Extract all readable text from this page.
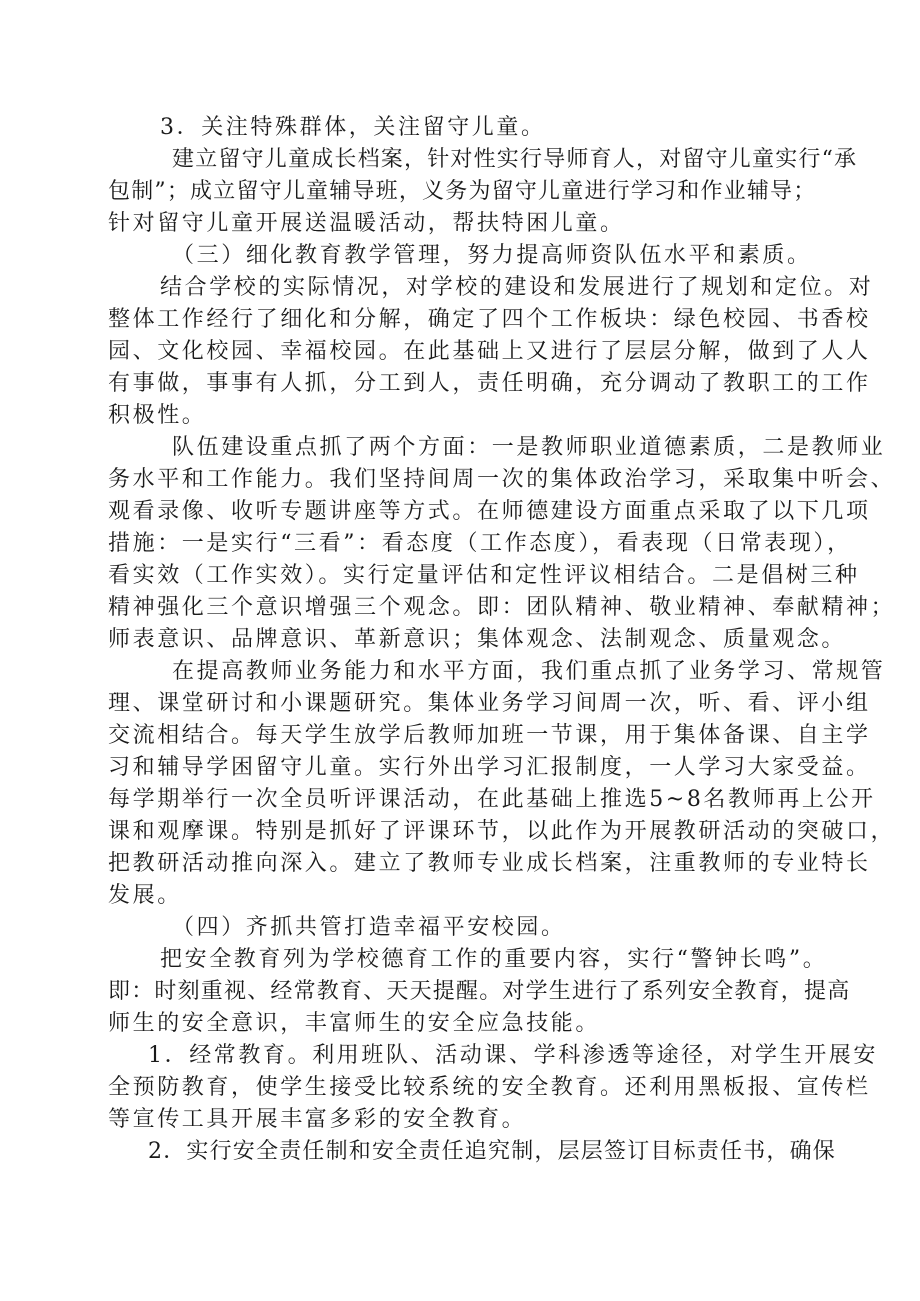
3．关注特殊群体，关注留守儿童。

建立留守儿童成长档案，针对性实行导师育人，对留守儿童实行“承

包制”；成立留守儿童辅导班，义务为留守儿童进行学习和作业辅导；

针对留守儿童开展送温暖活动，帮扶特困儿童。

（三）细化教育教学管理，努力提高师资队伍水平和素质。

结合学校的实际情况，对学校的建设和发展进行了规划和定位。对

整体工作经行了细化和分解，确定了四个工作板块：绿色校园、书香校

园、文化校园、幸福校园。在此基础上又进行了层层分解，做到了人人

有事做，事事有人抓，分工到人，责任明确，充分调动了教职工的工作

积极性。

队伍建设重点抓了两个方面：一是教师职业道德素质，二是教师业

务水平和工作能力。我们坚持间周一次的集体政治学习，采取集中听会、

观看录像、收听专题讲座等方式。在师德建设方面重点采取了以下几项

措施：一是实行“三看”：看态度（工作态度），看表现（日常表现），

看实效（工作实效）。实行定量评估和定性评议相结合。二是倡树三种

精神强化三个意识增强三个观念。即：团队精神、敬业精神、奉献精神；

师表意识、品牌意识、革新意识；集体观念、法制观念、质量观念。

在提高教师业务能力和水平方面，我们重点抓了业务学习、常规管

理、课堂研讨和小课题研究。集体业务学习间周一次，听、看、评小组

交流相结合。每天学生放学后教师加班一节课，用于集体备课、自主学

习和辅导学困留守儿童。实行外出学习汇报制度，一人学习大家受益。

每学期举行一次全员听评课活动，在此基础上推选5~8名教师再上公开

课和观摩课。特别是抓好了评课环节，以此作为开展教研活动的突破口，

把教研活动推向深入。建立了教师专业成长档案，注重教师的专业特长

发展。

（四）齐抓共管打造幸福平安校园。

把安全教育列为学校德育工作的重要内容，实行“警钟长鸣”。

即：时刻重视、经常教育、天天提醒。对学生进行了系列安全教育，提高

师生的安全意识，丰富师生的安全应急技能。

1．经常教育。利用班队、活动课、学科渗透等途径，对学生开展安

全预防教育，使学生接受比较系统的安全教育。还利用黑板报、宣传栏

等宣传工具开展丰富多彩的安全教育。

2．实行安全责任制和安全责任追究制，层层签订目标责任书，确保
